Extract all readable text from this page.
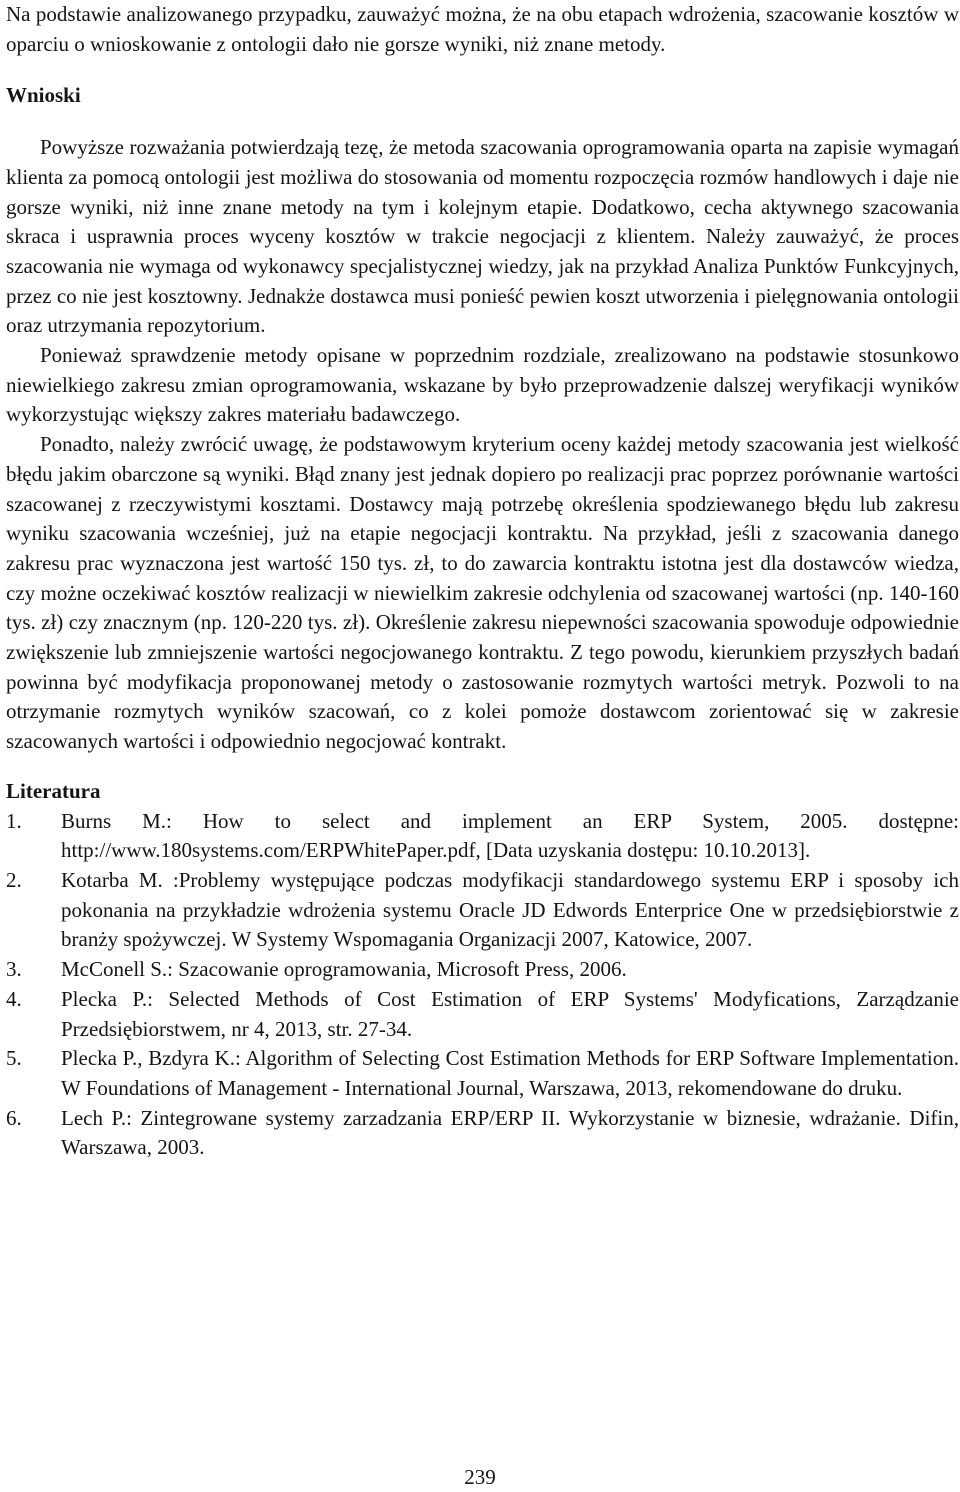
Na podstawie analizowanego przypadku, zauważyć można, że na obu etapach wdrożenia, szacowanie kosztów w oparciu o wnioskowanie z ontologii dało nie gorsze wyniki, niż znane metody.

Wnioski

Powyższe rozważania potwierdzają tezę, że metoda szacowania oprogramowania oparta na zapisie wymagań klienta za pomocą ontologii jest możliwa do stosowania od momentu rozpoczęcia rozmów handlowych i daje nie gorsze wyniki, niż inne znane metody na tym i kolejnym etapie. Dodatkowo, cecha aktywnego szacowania skraca i usprawnia proces wyceny kosztów w trakcie negocjacji z klientem. Należy zauważyć, że proces szacowania nie wymaga od wykonawcy specjalistycznej wiedzy, jak na przykład Analiza Punktów Funkcyjnych, przez co nie jest kosztowny. Jednakże dostawca musi ponieść pewien koszt utworzenia i pielęgnowania ontologii oraz utrzymania repozytorium.

Ponieważ sprawdzenie metody opisane w poprzednim rozdziale, zrealizowano na podstawie stosunkowo niewielkiego zakresu zmian oprogramowania, wskazane by było przeprowadzenie dalszej weryfikacji wyników wykorzystując większy zakres materiału badawczego.

Ponadto, należy zwrócić uwagę, że podstawowym kryterium oceny każdej metody szacowania jest wielkość błędu jakim obarczone są wyniki. Błąd znany jest jednak dopiero po realizacji prac poprzez porównanie wartości szacowanej z rzeczywistymi kosztami. Dostawcy mają potrzebę określenia spodziewanego błędu lub zakresu wyniku szacowania wcześniej, już na etapie negocjacji kontraktu. Na przykład, jeśli z szacowania danego zakresu prac wyznaczona jest wartość 150 tys. zł, to do zawarcia kontraktu istotna jest dla dostawców wiedza, czy możne oczekiwać kosztów realizacji w niewielkim zakresie odchylenia od szacowanej wartości (np. 140-160 tys. zł) czy znacznym (np. 120-220 tys. zł). Określenie zakresu niepewności szacowania spowoduje odpowiednie zwiększenie lub zmniejszenie wartości negocjowanego kontraktu. Z tego powodu, kierunkiem przyszłych badań powinna być modyfikacja proponowanej metody o zastosowanie rozmytych wartości metryk. Pozwoli to na otrzymanie rozmytych wyników szacowań, co z kolei pomoże dostawcom zorientować się w zakresie szacowanych wartości i odpowiednio negocjować kontrakt.

Literatura
1. Burns M.: How to select and implement an ERP System, 2005. dostępne: http://www.180systems.com/ERPWhitePaper.pdf, [Data uzyskania dostępu: 10.10.2013].
2. Kotarba M. :Problemy występujące podczas modyfikacji standardowego systemu ERP i sposoby ich pokonania na przykładzie wdrożenia systemu Oracle JD Edwords Enterprice One w przedsiębiorstwie z branży spożywczej. W Systemy Wspomagania Organizacji 2007, Katowice, 2007.
3. McConell S.: Szacowanie oprogramowania, Microsoft Press, 2006.
4. Plecka P.: Selected Methods of Cost Estimation of ERP Systems' Modyfications, Zarządzanie Przedsiębiorstwem, nr 4, 2013, str. 27-34.
5. Plecka P., Bzdyra K.: Algorithm of Selecting Cost Estimation Methods for ERP Software Implementation. W Foundations of Management - International Journal, Warszawa, 2013, rekomendowane do druku.
6. Lech P.: Zintegrowane systemy zarzadzania ERP/ERP II. Wykorzystanie w biznesie, wdrażanie. Difin, Warszawa, 2003.
239
